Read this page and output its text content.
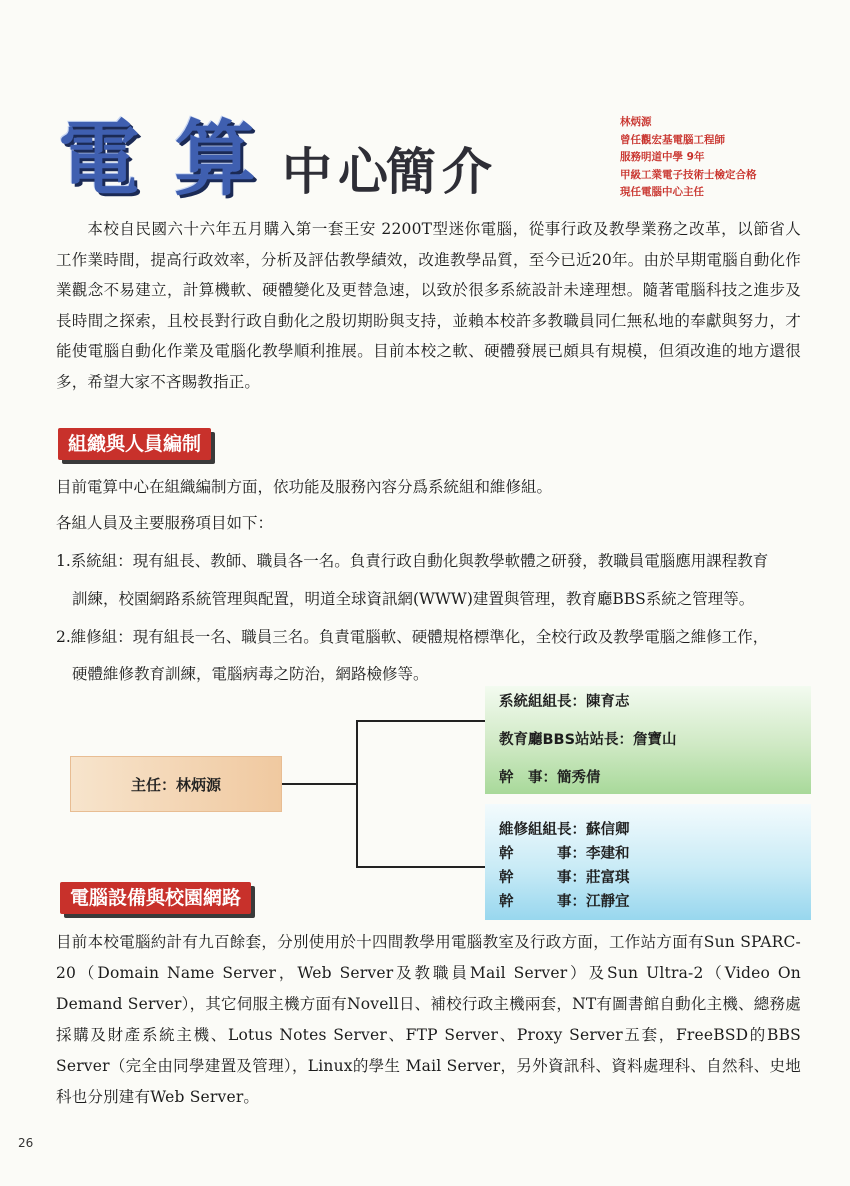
電算中心簡介
林炳源
曾任觀宏基電腦工程師
服務明道中學 9年
甲級工業電子技術士檢定合格
現任電腦中心主任
本校自民國六十六年五月購入第一套王安 2200T型迷你電腦，從事行政及教學業務之改革，以節省人工作業時間，提高行政效率，分析及評估教學績效，改進教學品質，至今已近20年。由於早期電腦自動化作業觀念不易建立，計算機軟、硬體變化及更替急速，以致於很多系統設計未達理想。隨著電腦科技之進步及長時間之探索，且校長對行政自動化之殷切期盼與支持，並賴本校許多教職員同仁無私地的奉獻與努力，才能使電腦自動化作業及電腦化教學順利推展。目前本校之軟、硬體發展已頗具有規模，但須改進的地方還很多，希望大家不吝賜教指正。
組織與人員編制
目前電算中心在組織編制方面，依功能及服務內容分爲系統組和維修組。
各組人員及主要服務項目如下：
1.系統組：現有組長、教師、職員各一名。負責行政自動化與教學軟體之研發，教職員電腦應用課程教育
訓練，校園網路系統管理與配置，明道全球資訊網(WWW)建置與管理，教育廳BBS系統之管理等。
2.維修組：現有組長一名、職員三名。負責電腦軟、硬體規格標準化，全校行政及教學電腦之維修工作，
硬體維修教育訓練，電腦病毒之防治，網路檢修等。
主任：林炳源
系統組組長：陳育志
教育廳BBS站站長：詹寶山
幹　事：簡秀倩
維修組組長：蘇信卿
幹　　　事：李建和
幹　　　事：莊富琪
幹　　　事：江靜宜
電腦設備與校園網路
目前本校電腦約計有九百餘套，分別使用於十四間教學用電腦教室及行政方面，工作站方面有Sun SPARC-20（Domain Name Server，Web Server及教職員Mail Server）及Sun Ultra-2（Video On Demand Server），其它伺服主機方面有Novell日、補校行政主機兩套，NT有圖書館自動化主機、總務處採購及財產系統主機、Lotus Notes Server、FTP Server、Proxy Server五套，FreeBSD的BBS Server（完全由同學建置及管理），Linux的學生 Mail Server，另外資訊科、資料處理科、自然科、史地科也分別建有Web Server。
26
